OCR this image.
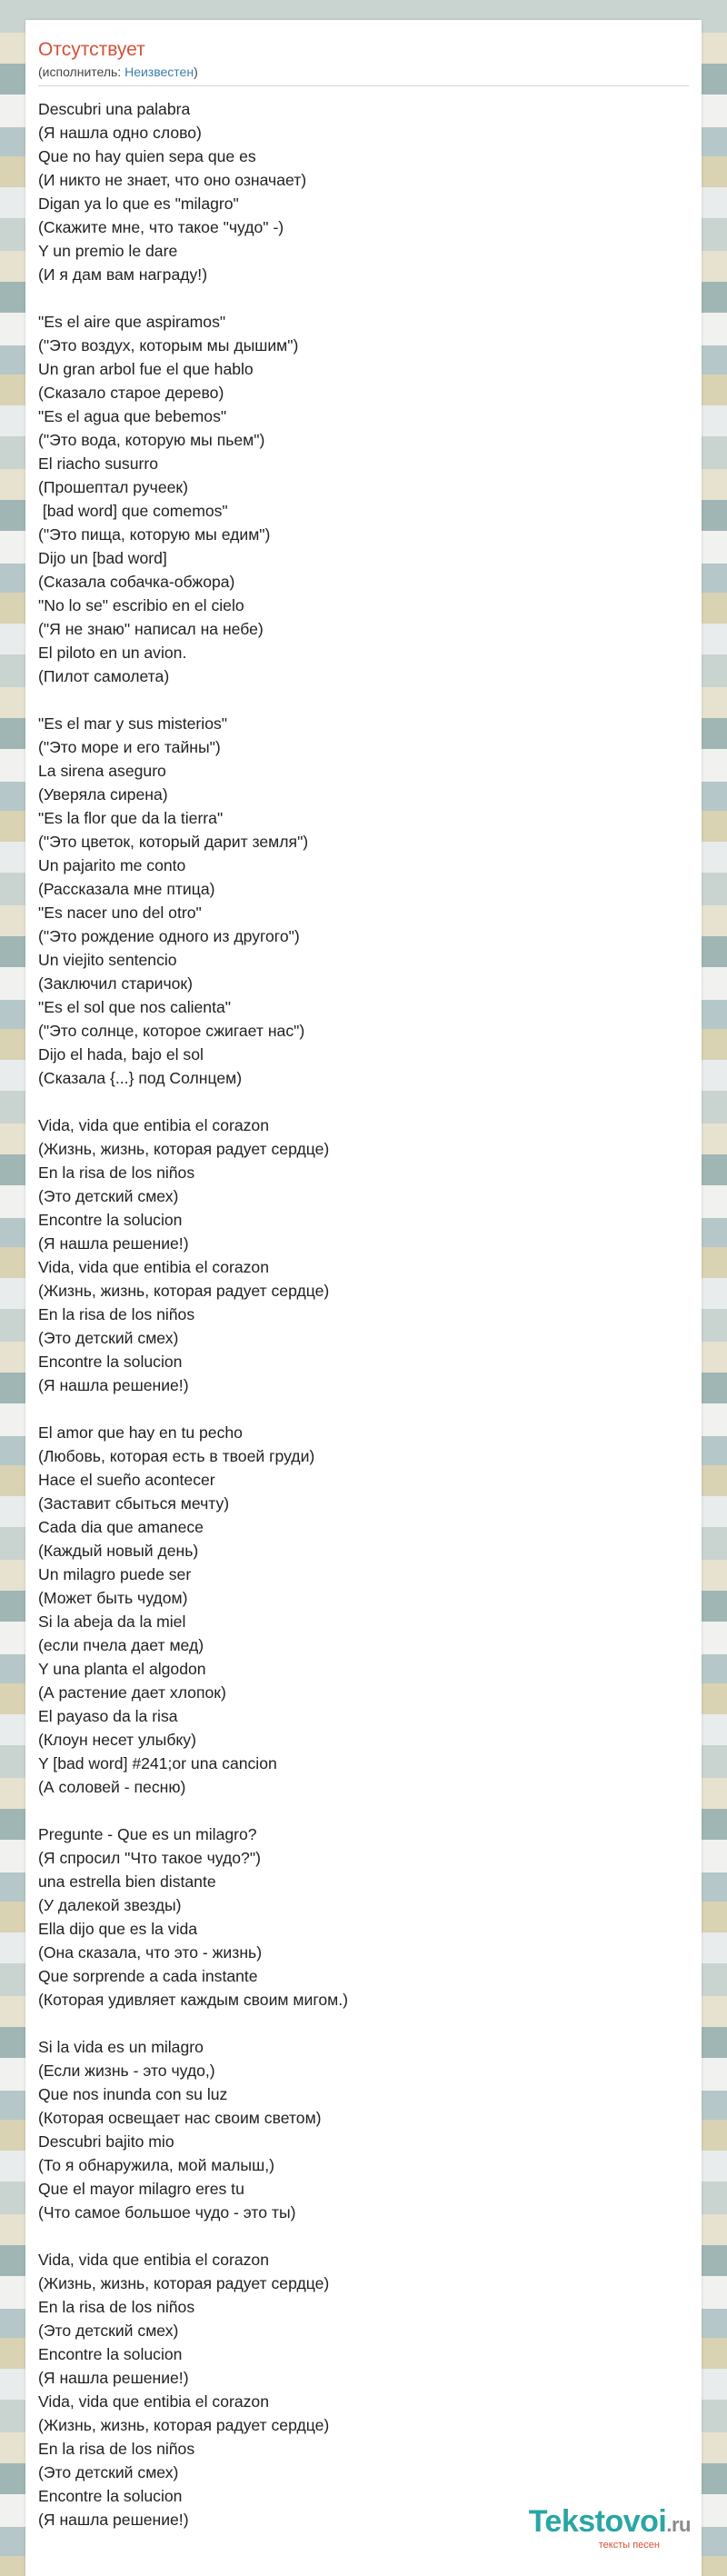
Отсутствует
(исполнитель: Неизвестен)
Descubri una palabra
(Я нашла одно слово)
Que no hay quien sepa que es
(И никто не знает, что оно означает)
Digan ya lo que es "milagro"
(Скажите мне, что такое "чудо" -)
Y un premio le dare
(И я дам вам награду!)
"Es el aire que aspiramos"
("Это воздух, которым мы дышим")
Un gran arbol fue el que hablo
(Сказало старое дерево)
"Es el agua que bebemos"
("Это вода, которую мы пьем")
El riacho susurro
(Прошептал ручеек)
[bad word] que comemos"
("Это пища, которую мы едим")
Dijo un [bad word]
(Сказала собачка-обжора)
"No lo se" escribio en el cielo
("Я не знаю" написал на небе)
El piloto en un avion.
(Пилот самолета)
"Es el mar y sus misterios"
("Это море и его тайны")
La sirena aseguro
(Уверяла сирена)
"Es la flor que da la tierra"
("Это цветок, который дарит земля")
Un pajarito me conto
(Рассказала мне птица)
"Es nacer uno del otro"
("Это рождение одного из другого")
Un viejito sentencio
(Заключил старичок)
"Es el sol que nos calienta"
("Это солнце, которое сжигает нас")
Dijo el hada, bajo el sol
(Сказала {...} под Солнцем)
Vida, vida que entibia el corazon
(Жизнь, жизнь, которая радует сердце)
En la risa de los niños
(Это детский смех)
Encontre la solucion
(Я нашла решение!)
Vida, vida que entibia el corazon
(Жизнь, жизнь, которая радует сердце)
En la risa de los niños
(Это детский смех)
Encontre la solucion
(Я нашла решение!)
El amor que hay en tu pecho
(Любовь, которая есть в твоей груди)
Hace el sueño acontecer
(Заставит сбыться мечту)
Cada dia que amanece
(Каждый новый день)
Un milagro puede ser
(Может быть чудом)
Si la abeja da la miel
(если пчела дает мед)
Y una planta el algodon
(А растение дает хлопок)
El payaso da la risa
(Клоун несет улыбку)
Y [bad word] #241;or una cancion
(А соловей - песню)
Pregunte - Que es un milagro?
(Я спросил "Что такое чудо?")
una estrella bien distante
(У далекой звезды)
Ella dijo que es la vida
(Она сказала, что это - жизнь)
Que sorprende a cada instante
(Которая удивляет каждым своим мигом.)
Si la vida es un milagro
(Если жизнь - это чудо,)
Que nos inunda con su luz
(Которая освещает нас своим светом)
Descubri bajito mio
(То я обнаружила, мой малыш,)
Que el mayor milagro eres tu
(Что самое большое чудо - это ты)
Vida, vida que entibia el corazon
(Жизнь, жизнь, которая радует сердце)
En la risa de los niños
(Это детский смех)
Encontre la solucion
(Я нашла решение!)
Vida, vida que entibia el corazon
(Жизнь, жизнь, которая радует сердце)
En la risa de los niños
(Это детский смех)
Encontre la solucion
(Я нашла решение!)	Tekstovoi.ru
тексты песен
